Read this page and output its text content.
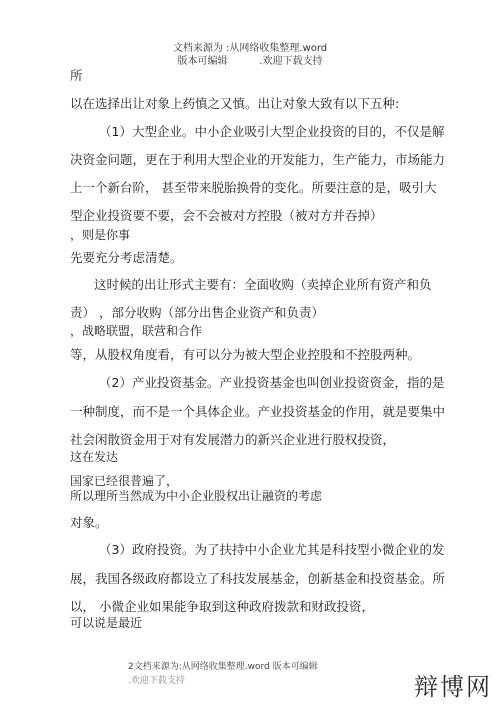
文档来源为 :从网络收集整理.word
版本可编辑          .欢迎下载支持
所
以在选择出让对象上药慎之又慎。出让对象大致有以下五种:
（1）大型企业。中小企业吸引大型企业投资的目的，不仅是解
决资金问题，更在于利用大型企业的开发能力，生产能力，市场能力
上一个新台阶， 甚至带来脱胎换骨的变化。所要注意的是，吸引大
型企业投资要不要，会不会被对方控股（被对方并吞掉）
，则是你事
先要充分考虑清楚。
这时候的出让形式主要有：全面收购（卖掉企业所有资产和负
责） ，部分收购（部分出售企业资产和负责）
，战略联盟，联营和合作
等，从股权角度看，有可以分为被大型企业控股和不控股两种。
（2）产业投资基金。产业投资基金也叫创业投资资金，指的是
一种制度，而不是一个具体企业。产业投资基金的作用，就是要集中
社会闲散资金用于对有发展潜力的新兴企业进行股权投资，
这在发达
国家已经很普遍了，
所以理所当然成为中小企业股权出让融资的考虑
对象。
（3）政府投资。为了扶持中小企业尤其是科技型小微企业的发
展，我国各级政府都设立了科技发展基金，创新基金和投资基金。所
以， 小微企业如果能争取到这种政府拨款和财政投资，
可以说是最近
2文档来源为:从网络收集整理.word 版本可编辑
.欢迎下载支持	辩博网
